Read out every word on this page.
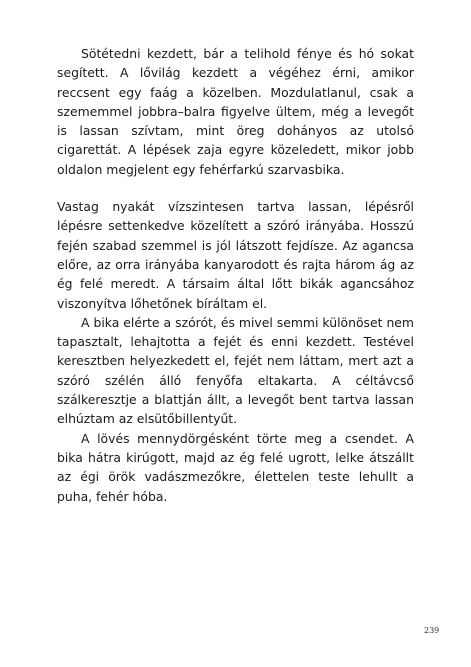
Sötétedni kezdett, bár a telihold fénye és hó sokat segített. A lővilág kezdett a végéhez érni, amikor reccsent egy faág a közelben. Mozdulatlanul, csak a szememmel jobbra–balra figyelve ültem, még a levegőt is lassan szívtam, mint öreg dohányos az utolsó cigarettát. A lépések zaja egyre közeledett, mikor jobb oldalon megjelent egy fehérfarkú szarvasbika.

Vastag nyakát vízszintesen tartva lassan, lépésről lépésre settenkedve közelített a szóró irányába. Hosszú fején szabad szemmel is jól látszott fejdísze. Az agancsa előre, az orra irányába kanyarodott és rajta három ág az ég felé meredt. A társaim által lőtt bikák agancsához viszonyítva lőhetőnek bíráltam el.

A bika elérte a szórót, és mivel semmi különöset nem tapasztalt, lehajtotta a fejét és enni kezdett. Testével keresztben helyezkedett el, fejét nem láttam, mert azt a szóró szélén álló fenyőfa eltakarta. A céltávcső szálkeresztje a blattján állt, a levegőt bent tartva lassan elhúztam az elsütőbillentyűt.

A lövés mennydörgésként törte meg a csendet. A bika hátra kirúgott, majd az ég felé ugrott, lelke átszállt az égi örök vadászmezőkre, élettelen teste lehullt a puha, fehér hóba.

239
